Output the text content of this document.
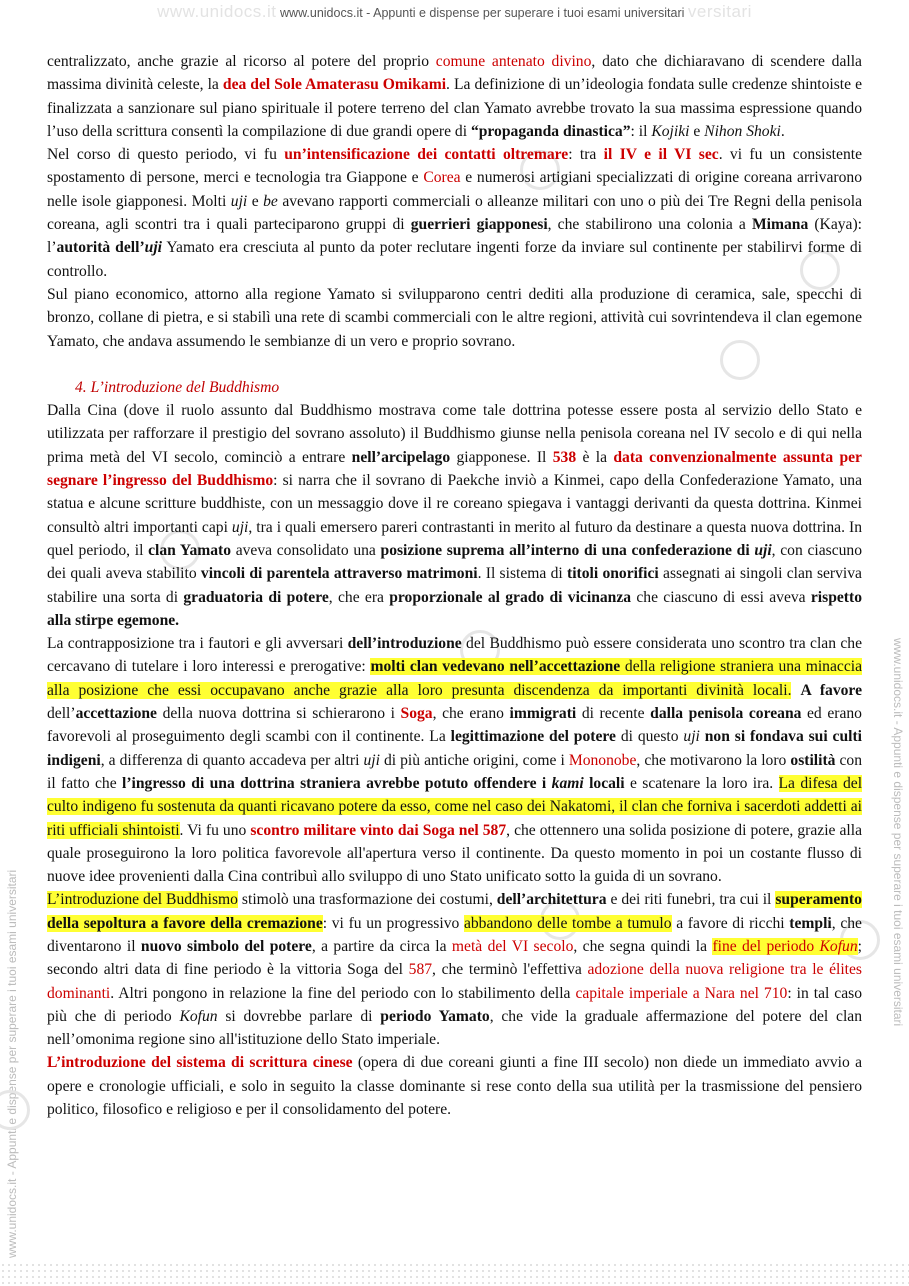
www.unidocs.it www.unidocs.it - Appunti e dispense per superare i tuoi esami universitari versitari
www.unidocs.it - Appunti e dispense per superare i tuoi esami universitari
www.unidocs.it - Appunti e dispense per superare i tuoi esami universitari

centralizzato, anche grazie al ricorso al potere del proprio comune antenato divino, dato che dichiaravano di scendere dalla massima divinità celeste, la dea del Sole Amaterasu Omikami. La definizione di un’ideologia fondata sulle credenze shintoiste e finalizzata a sanzionare sul piano spirituale il potere terreno del clan Yamato avrebbe trovato la sua massima espressione quando l’uso della scrittura consentì la compilazione di due grandi opere di “propaganda dinastica”: il Kojiki e Nihon Shoki.

Nel corso di questo periodo, vi fu un’intensificazione dei contatti oltremare: tra il IV e il VI sec. vi fu un consistente spostamento di persone, merci e tecnologia tra Giappone e Corea e numerosi artigiani specializzati di origine coreana arrivarono nelle isole giapponesi. Molti uji e be avevano rapporti commerciali o alleanze militari con uno o più dei Tre Regni della penisola coreana, agli scontri tra i quali parteciparono gruppi di guerrieri giapponesi, che stabilirono una colonia a Mimana (Kaya): l’autorità dell’uji Yamato era cresciuta al punto da poter reclutare ingenti forze da inviare sul continente per stabilirvi forme di controllo.

Sul piano economico, attorno alla regione Yamato si svilupparono centri dediti alla produzione di ceramica, sale, specchi di bronzo, collane di pietra, e si stabilì una rete di scambi commerciali con le altre regioni, attività cui sovrintendeva il clan egemone Yamato, che andava assumendo le sembianze di un vero e proprio sovrano.

4. L’introduzione del Buddhismo

Dalla Cina (dove il ruolo assunto dal Buddhismo mostrava come tale dottrina potesse essere posta al servizio dello Stato e utilizzata per rafforzare il prestigio del sovrano assoluto) il Buddhismo giunse nella penisola coreana nel IV secolo e di qui nella prima metà del VI secolo, cominciò a entrare nell’arcipelago giapponese. Il 538 è la data convenzionalmente assunta per segnare l’ingresso del Buddhismo: si narra che il sovrano di Paekche inviò a Kinmei, capo della Confederazione Yamato, una statua e alcune scritture buddhiste, con un messaggio dove il re coreano spiegava i vantaggi derivanti da questa dottrina. Kinmei consultò altri importanti capi uji, tra i quali emersero pareri contrastanti in merito al futuro da destinare a questa nuova dottrina. In quel periodo, il clan Yamato aveva consolidato una posizione suprema all’interno di una confederazione di uji, con ciascuno dei quali aveva stabilito vincoli di parentela attraverso matrimoni. Il sistema di titoli onorifici assegnati ai singoli clan serviva stabilire una sorta di graduatoria di potere, che era proporzionale al grado di vicinanza che ciascuno di essi aveva rispetto alla stirpe egemone.

La contrapposizione tra i fautori e gli avversari dell’introduzione del Buddhismo può essere considerata uno scontro tra clan che cercavano di tutelare i loro interessi e prerogative: molti clan vedevano nell’accettazione della religione straniera una minaccia alla posizione che essi occupavano anche grazie alla loro presunta discendenza da importanti divinità locali. A favore dell’accettazione della nuova dottrina si schierarono i Soga, che erano immigrati di recente dalla penisola coreana ed erano favorevoli al proseguimento degli scambi con il continente. La legittimazione del potere di questo uji non si fondava sui culti indigeni, a differenza di quanto accadeva per altri uji di più antiche origini, come i Mononobe, che motivarono la loro ostilità con il fatto che l’ingresso di una dottrina straniera avrebbe potuto offendere i kami locali e scatenare la loro ira. La difesa del culto indigeno fu sostenuta da quanti ricavano potere da esso, come nel caso dei Nakatomi, il clan che forniva i sacerdoti addetti ai riti ufficiali shintoisti. Vi fu uno scontro militare vinto dai Soga nel 587, che ottennero una solida posizione di potere, grazie alla quale proseguirono la loro politica favorevole all'apertura verso il continente. Da questo momento in poi un costante flusso di nuove idee provenienti dalla Cina contribuì allo sviluppo di uno Stato unificato sotto la guida di un sovrano.

L’introduzione del Buddhismo stimolò una trasformazione dei costumi, dell’architettura e dei riti funebri, tra cui il superamento della sepoltura a favore della cremazione: vi fu un progressivo abbandono delle tombe a tumulo a favore di ricchi templi, che diventarono il nuovo simbolo del potere, a partire da circa la metà del VI secolo, che segna quindi la fine del periodo Kofun; secondo altri data di fine periodo è la vittoria Soga del 587, che terminò l'effettiva adozione della nuova religione tra le élites dominanti. Altri pongono in relazione la fine del periodo con lo stabilimento della capitale imperiale a Nara nel 710: in tal caso più che di periodo Kofun si dovrebbe parlare di periodo Yamato, che vide la graduale affermazione del potere del clan nell’omonima regione sino all'istituzione dello Stato imperiale.

L’introduzione del sistema di scrittura cinese (opera di due coreani giunti a fine III secolo) non diede un immediato avvio a opere e cronologie ufficiali, e solo in seguito la classe dominante si rese conto della sua utilità per la trasmissione del pensiero politico, filosofico e religioso e per il consolidamento del potere.
